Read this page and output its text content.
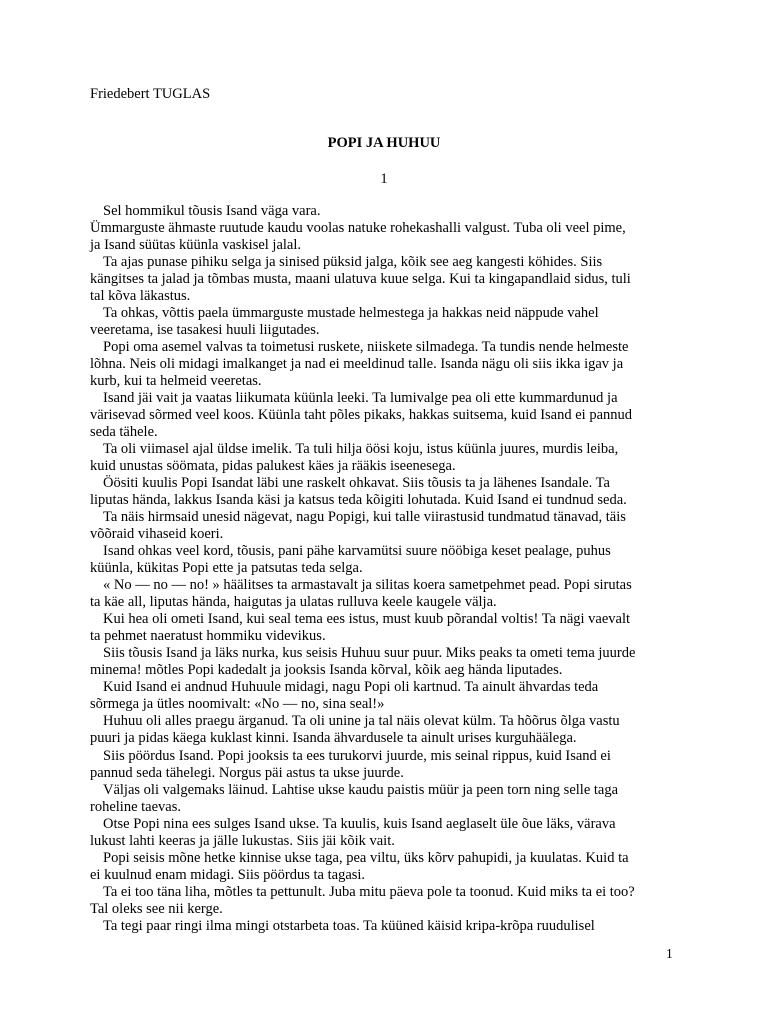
Friedebert TUGLAS
POPI JA HUHUU
1
Sel hommikul tõusis Isand väga vara.
Ümmarguste ähmaste ruutude kaudu voolas natuke rohekashalli valgust. Tuba oli veel pime,
ja Isand süütas küünla vaskisel jalal.
Ta ajas punase pihiku selga ja sinised püksid jalga, kõik see aeg kangesti köhides. Siis
kängitses ta jalad ja tõmbas musta, maani ulatuva kuue selga. Kui ta kingapandlaid sidus, tuli
tal kõva läkastus.
Ta ohkas, võttis paela ümmarguste mustade helmestega ja hakkas neid näppude vahel
veeretama, ise tasakesi huuli liigutades.
Popi oma asemel valvas ta toimetusi ruskete, niiskete silmadega. Ta tundis nende helmeste
lõhna. Neis oli midagi imalkanget ja nad ei meeldinud talle. Isanda nägu oli siis ikka igav ja
kurb, kui ta helmeid veeretas.
Isand jäi vait ja vaatas liikumata küünla leeki. Ta lumivalge pea oli ette kummardunud ja
värisevad sõrmed veel koos. Küünla taht põles pikaks, hakkas suitsema, kuid Isand ei pannud
seda tähele.
Ta oli viimasel ajal üldse imelik. Ta tuli hilja öösi koju, istus küünla juures, murdis leiba,
kuid unustas söömata, pidas palukest käes ja rääkis iseenesega.
Öösiti kuulis Popi Isandat läbi une raskelt ohkavat. Siis tõusis ta ja lähenes Isandale. Ta
liputas hända, lakkus Isanda käsi ja katsus teda kõigiti lohutada. Kuid Isand ei tundnud seda.
Ta näis hirmsaid unesid nägevat, nagu Popigi, kui talle viirastusid tundmatud tänavad, täis
võõraid vihaseid koeri.
Isand ohkas veel kord, tõusis, pani pähe karvamütsi suure nööbiga keset pealage, puhus
küünla, kükitas Popi ette ja patsutas teda selga.
« No — no — no! » häälitses ta armastavalt ja silitas koera sametpehmet pead. Popi sirutas
ta käe all, liputas hända, haigutas ja ulatas rulluva keele kaugele välja.
Kui hea oli ometi Isand, kui seal tema ees istus, must kuub põrandal voltis! Ta nägi vaevalt
ta pehmet naeratust hommiku videvikus.
Siis tõusis Isand ja läks nurka, kus seisis Huhuu suur puur. Miks peaks ta ometi tema juurde
minema! mõtles Popi kadedalt ja jooksis Isanda kõrval, kõik aeg hända liputades.
Kuid Isand ei andnud Huhuule midagi, nagu Popi oli kartnud. Ta ainult ähvardas teda
sõrmega ja ütles noomivalt: «No — no, sina seal!»
Huhuu oli alles praegu ärganud. Ta oli unine ja tal näis olevat külm. Ta hõõrus õlga vastu
puuri ja pidas käega kuklast kinni. Isanda ähvardusele ta ainult urises kurguhäälega.
Siis pöördus Isand. Popi jooksis ta ees turukorvi juurde, mis seinal rippus, kuid Isand ei
pannud seda tähelegi. Norgus päi astus ta ukse juurde.
Väljas oli valgemaks läinud. Lahtise ukse kaudu paistis müür ja peen torn ning selle taga
roheline taevas.
Otse Popi nina ees sulges Isand ukse. Ta kuulis, kuis Isand aeglaselt üle õue läks, värava
lukust lahti keeras ja jälle lukustas. Siis jäi kõik vait.
Popi seisis mõne hetke kinnise ukse taga, pea viltu, üks kõrv pahupidi, ja kuulatas. Kuid ta
ei kuulnud enam midagi. Siis pöördus ta tagasi.
Ta ei too täna liha, mõtles ta pettunult. Juba mitu päeva pole ta toonud. Kuid miks ta ei too?
Tal oleks see nii kerge.
Ta tegi paar ringi ilma mingi otstarbeta toas. Ta küüned käisid kripa-krõpa ruudulisel
1
